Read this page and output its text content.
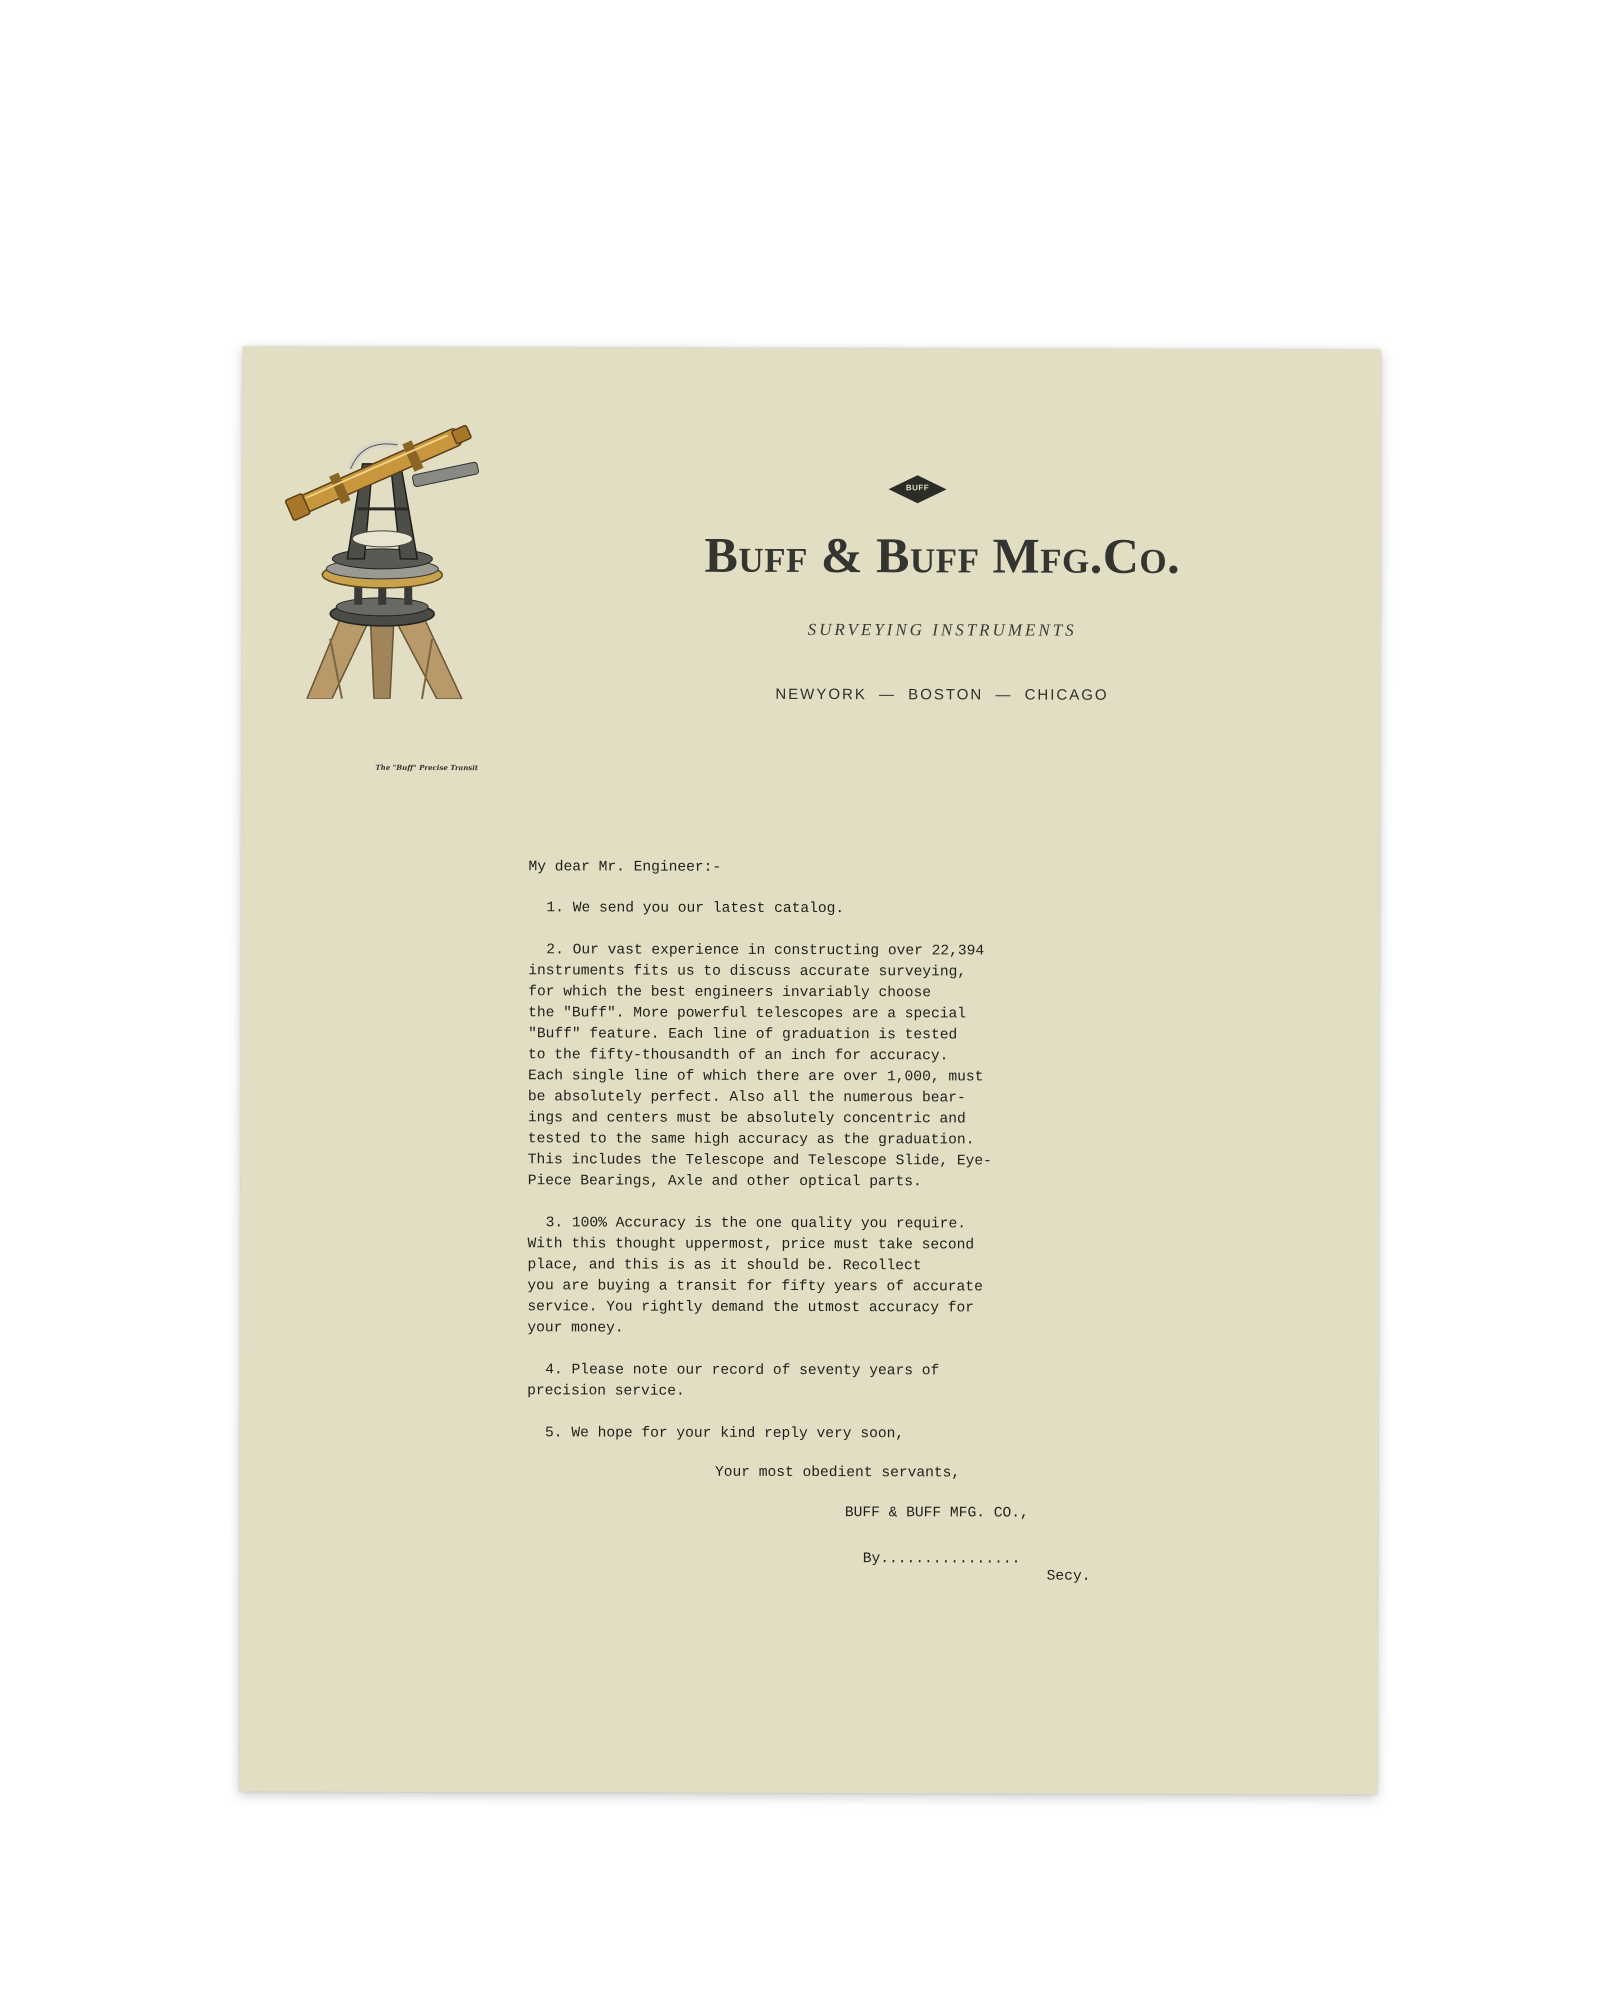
The "Buff" Precise Transit
BUFF
Buff & Buff Mfg.Co.
SURVEYING INSTRUMENTS
NEWYORK — BOSTON — CHICAGO

My dear Mr. Engineer:-

1. We send you our latest catalog.

2. Our vast experience in constructing over 22,394
instruments fits us to discuss accurate surveying,
for which the best engineers invariably choose
the "Buff". More powerful telescopes are a special
"Buff" feature. Each line of graduation is tested
to the fifty-thousandth of an inch for accuracy.
Each single line of which there are over 1,000, must
be absolutely perfect. Also all the numerous bear-
ings and centers must be absolutely concentric and
tested to the same high accuracy as the graduation.
This includes the Telescope and Telescope Slide, Eye-
Piece Bearings, Axle and other optical parts.

3. 100% Accuracy is the one quality you require.
With this thought uppermost, price must take second
place, and this is as it should be. Recollect
you are buying a transit for fifty years of accurate
service. You rightly demand the utmost accuracy for
your money.

4. Please note our record of seventy years of
precision service.

5. We hope for your kind reply very soon,

Your most obedient servants,
BUFF & BUFF MFG. CO.,
By................
Secy.
